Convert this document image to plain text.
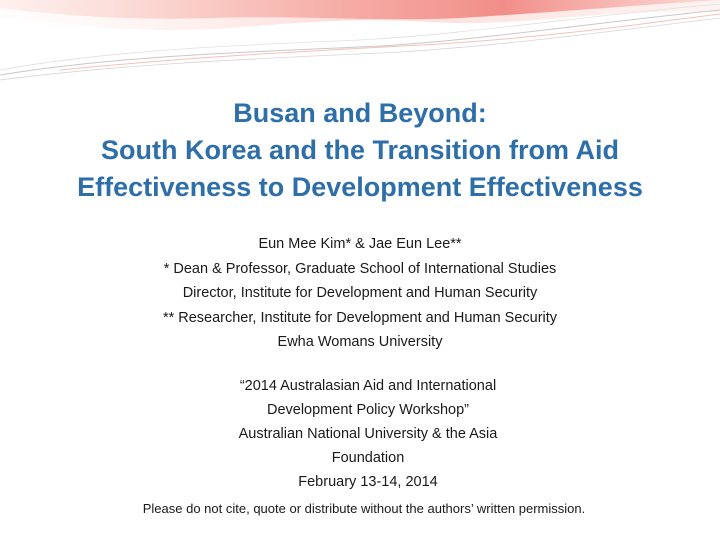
Busan and Beyond:
South Korea and the Transition from Aid
Effectiveness to Development Effectiveness
Eun Mee Kim* & Jae Eun Lee**
* Dean & Professor, Graduate School of International Studies
Director, Institute for Development and Human Security
** Researcher, Institute for Development and Human Security
Ewha Womans University
“2014 Australasian Aid and International
Development Policy Workshop”
Australian National University & the Asia
Foundation
February 13-14, 2014
Please do not cite, quote or distribute without the authors’ written permission.
